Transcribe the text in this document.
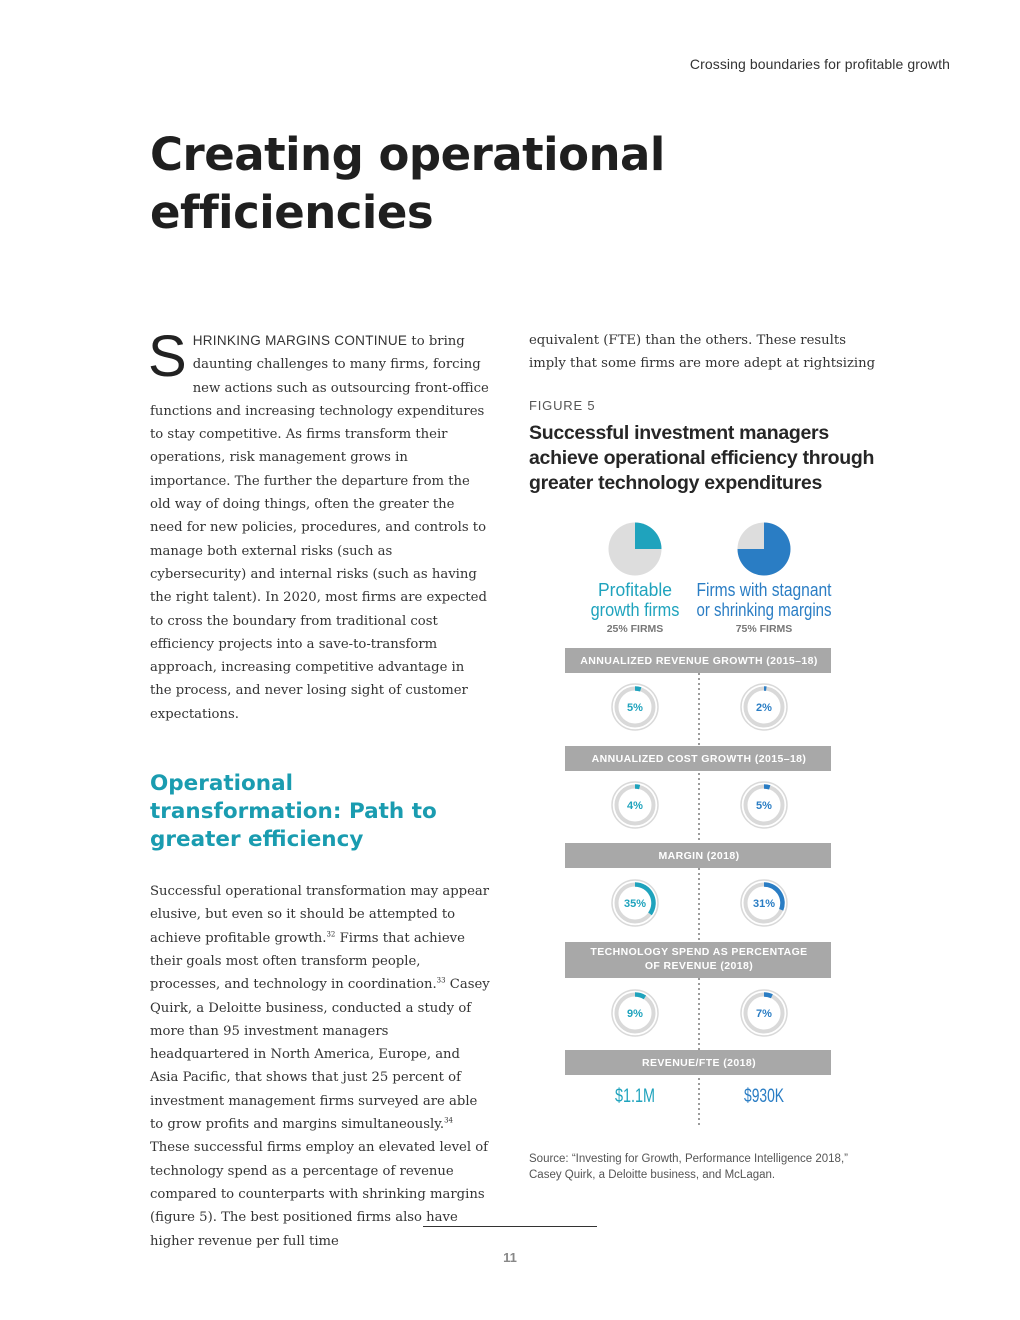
Crossing boundaries for profitable growth
Creating operational efficiencies

SHRINKING MARGINS CONTINUE to bring daunting challenges to many firms, forcing new actions such as outsourcing front-office functions and increasing technology expenditures to stay competitive. As firms transform their operations, risk management grows in importance. The further the departure from the old way of doing things, often the greater the need for new policies, procedures, and controls to manage both external risks (such as cybersecurity) and internal risks (such as having the right talent). In 2020, most firms are expected to cross the boundary from traditional cost efficiency projects into a save-to-transform approach, increasing competitive advantage in the process, and never losing sight of customer expectations.

Operational transformation: Path to greater efficiency

Successful operational transformation may appear elusive, but even so it should be attempted to achieve profitable growth.$^{32}$ Firms that achieve their goals most often transform people, processes, and technology in coordination.$^{33}$ Casey Quirk, a Deloitte business, conducted a study of more than 95 investment managers headquartered in North America, Europe, and Asia Pacific, that shows that just 25 percent of investment management firms surveyed are able to grow profits and margins simultaneously.$^{34}$ These successful firms employ an elevated level of technology spend as a percentage of revenue compared to counterparts with shrinking margins (figure 5). The best positioned firms also have higher revenue per full time

equivalent (FTE) than the others. These results imply that some firms are more adept at rightsizing

FIGURE 5
Successful investment managers achieve operational efficiency through greater technology expenditures
Profitable
growth firms
25% FIRMS
Firms with stagnant
or shrinking margins
75% FIRMS
ANNUALIZED REVENUE GROWTH (2015–18)
5%	2%
ANNUALIZED COST GROWTH (2015–18)
4%	5%
MARGIN (2018)
35%	31%
TECHNOLOGY SPEND AS PERCENTAGE
OF REVENUE (2018)
9%	7%
REVENUE/FTE (2018)
$1.1M	$930K
Source: “Investing for Growth, Performance Intelligence 2018,” Casey Quirk, a Deloitte business, and McLagan.
11
